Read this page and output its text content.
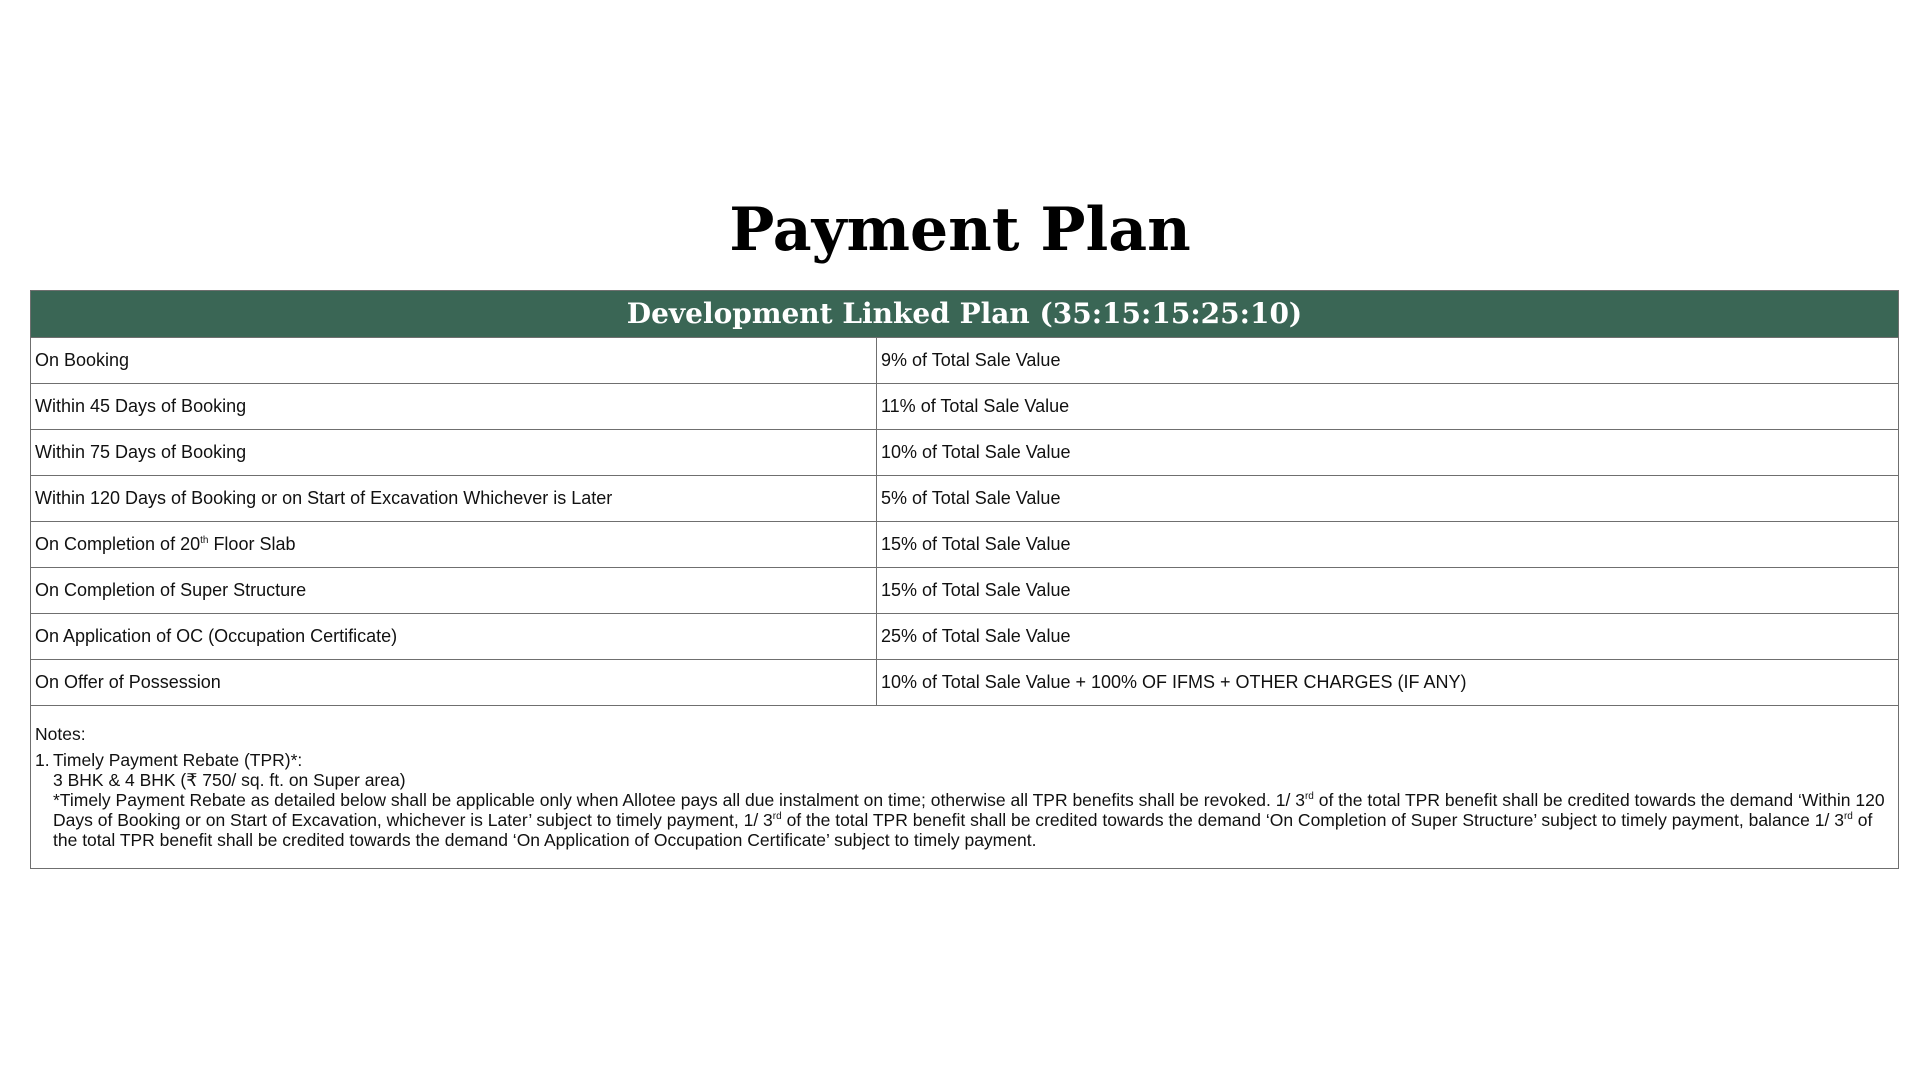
Payment Plan
Development Linked Plan (35:15:15:25:10)
On Booking	9% of Total Sale Value
Within 45 Days of Booking	11% of Total Sale Value
Within 75 Days of Booking	10% of Total Sale Value
Within 120 Days of Booking or on Start of Excavation Whichever is Later	5% of Total Sale Value
On Completion of 20th Floor Slab	15% of Total Sale Value
On Completion of Super Structure	15% of Total Sale Value
On Application of OC (Occupation Certificate)	25% of Total Sale Value
On Offer of Possession	10% of Total Sale Value + 100% OF IFMS + OTHER CHARGES (IF ANY)
Notes:
1. Timely Payment Rebate (TPR)*:
3 BHK & 4 BHK (₹ 750/ sq. ft. on Super area)
*Timely Payment Rebate as detailed below shall be applicable only when Allotee pays all due instalment on time; otherwise all TPR benefits shall be revoked. 1/ 3rd of the total TPR benefit shall be credited towards the demand ‘Within 120 Days of Booking or on Start of Excavation, whichever is Later’ subject to timely payment, 1/ 3rd of the total TPR benefit shall be credited towards the demand ‘On Completion of Super Structure’ subject to timely payment, balance 1/ 3rd of the total TPR benefit shall be credited towards the demand ‘On Application of Occupation Certificate’ subject to timely payment.
